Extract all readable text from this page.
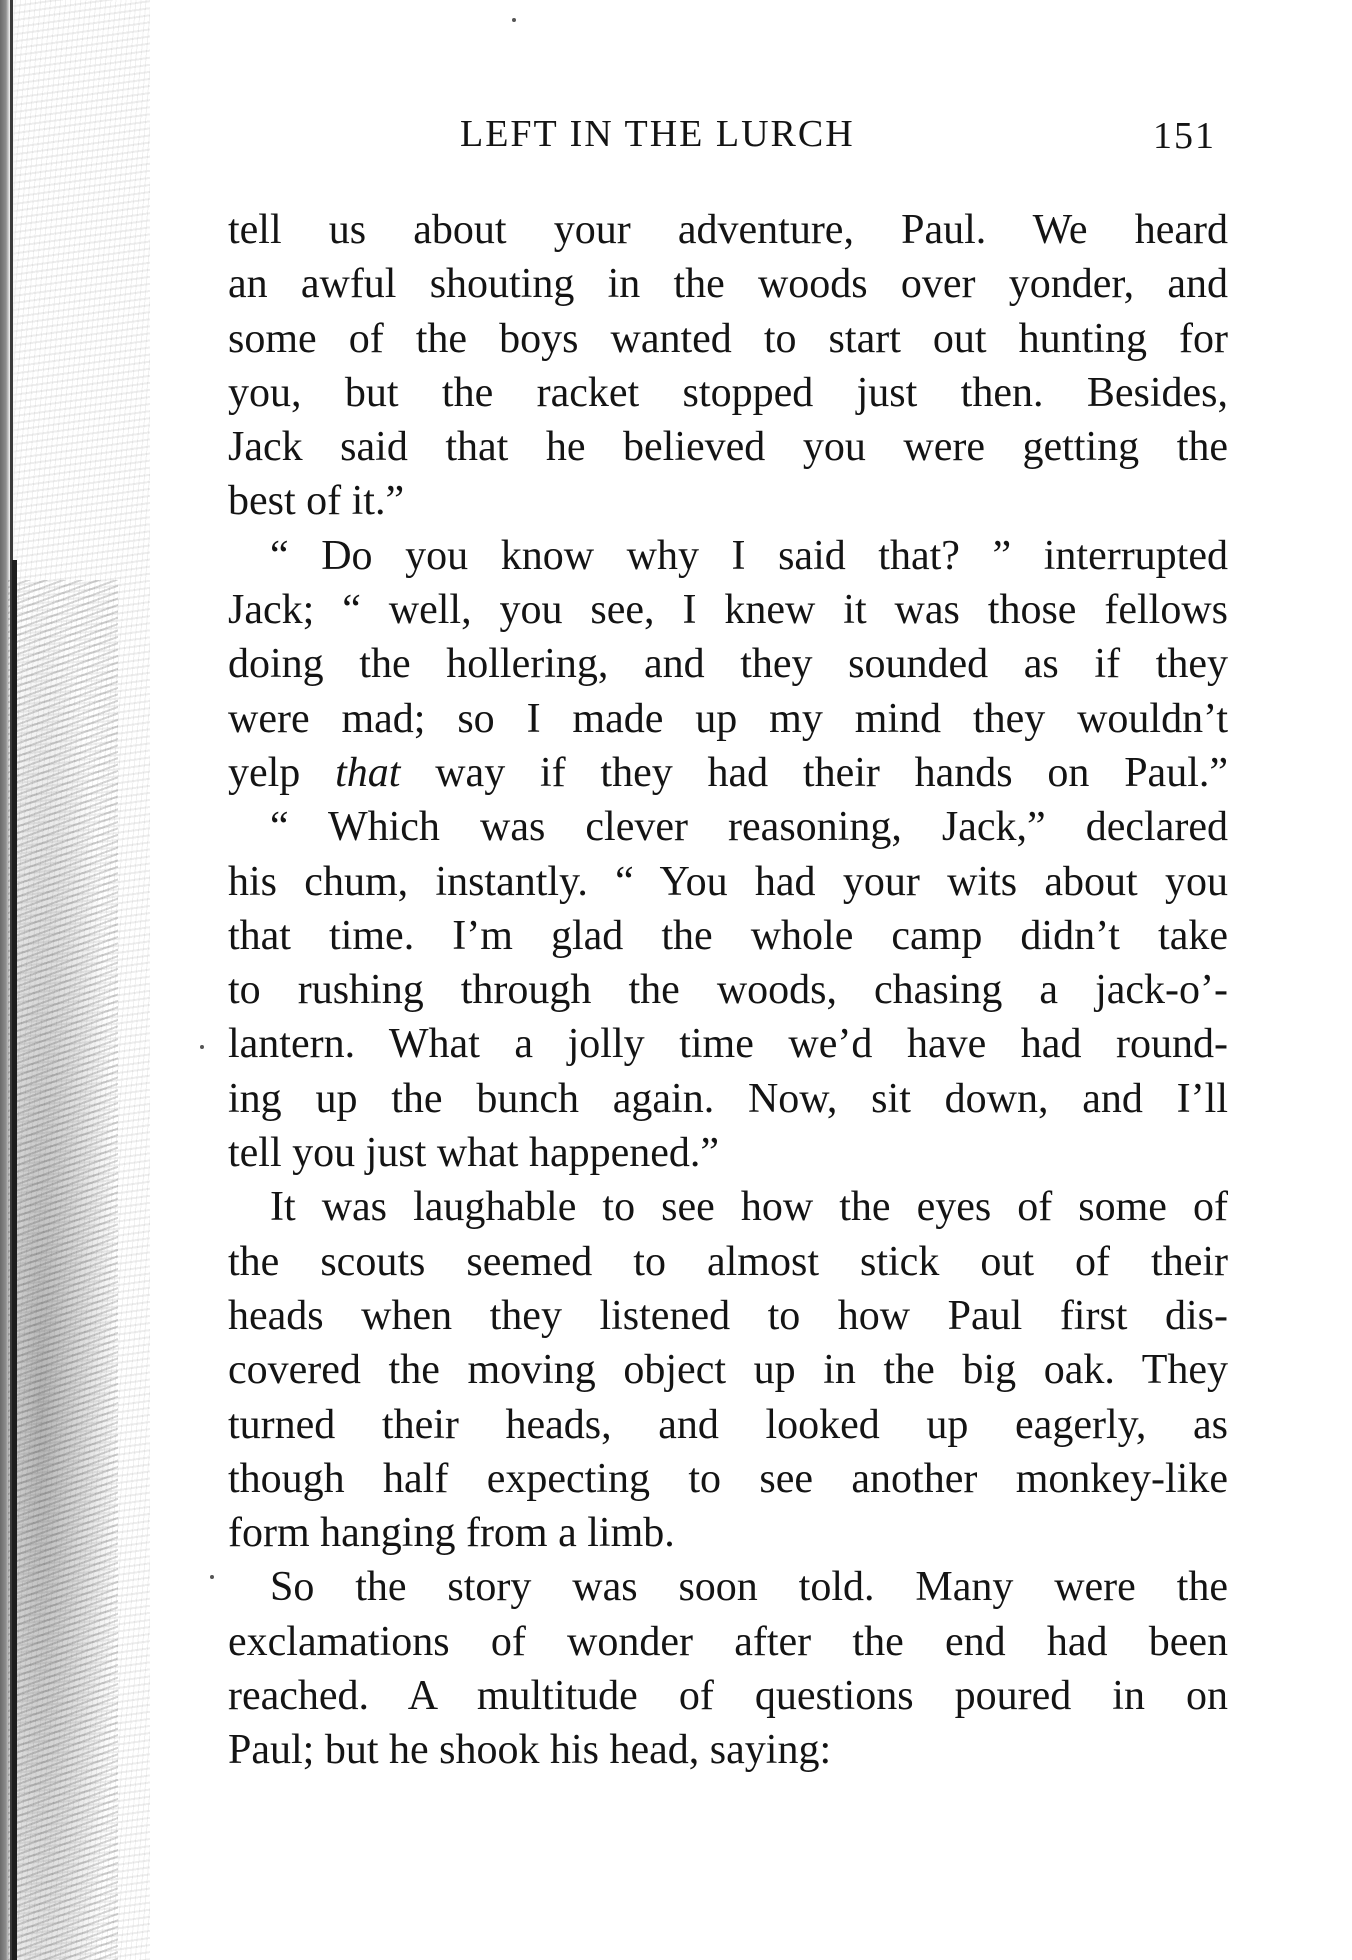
LEFT IN THE LURCH	151
tell us about your adventure, Paul. We heard
an awful shouting in the woods over yonder, and
some of the boys wanted to start out hunting for
you, but the racket stopped just then. Besides,
Jack said that he believed you were getting the
best of it.”
“ Do you know why I said that? ” interrupted
Jack; “ well, you see, I knew it was those fellows
doing the hollering, and they sounded as if they
were mad; so I made up my mind they wouldn’t
yelp that way if they had their hands on Paul.”
“ Which was clever reasoning, Jack,” declared
his chum, instantly. “ You had your wits about you
that time. I’m glad the whole camp didn’t take
to rushing through the woods, chasing a jack-o’-
lantern. What a jolly time we’d have had round-
ing up the bunch again. Now, sit down, and I’ll
tell you just what happened.”
It was laughable to see how the eyes of some of
the scouts seemed to almost stick out of their
heads when they listened to how Paul first dis-
covered the moving object up in the big oak. They
turned their heads, and looked up eagerly, as
though half expecting to see another monkey-like
form hanging from a limb.
So the story was soon told. Many were the
exclamations of wonder after the end had been
reached. A multitude of questions poured in on
Paul; but he shook his head, saying:
